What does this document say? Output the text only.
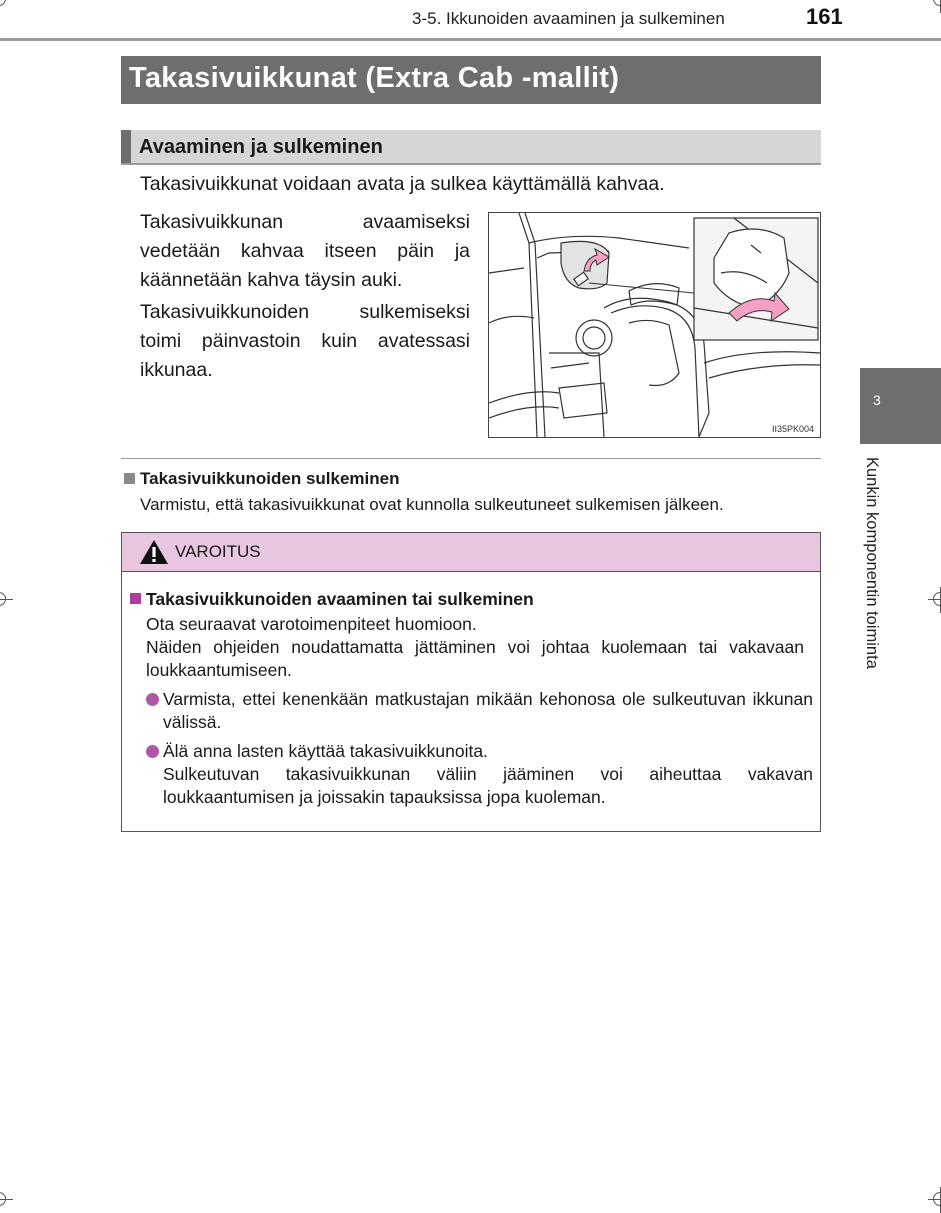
3-5. Ikkunoiden avaaminen ja sulkeminen	161
Takasivuikkunat (Extra Cab -mallit)
Avaaminen ja sulkeminen
Takasivuikkunat voidaan avata ja sulkea käyttämällä kahvaa.
Takasivuikkunan avaamiseksi vedetään kahvaa itseen päin ja käännetään kahva täysin auki.
Takasivuikkunoiden sulkemiseksi toimi päinvastoin kuin avatessasi ikkunaa.
II35PK004
Takasivuikkunoiden sulkeminen
Varmistu, että takasivuikkunat ovat kunnolla sulkeutuneet sulkemisen jälkeen.
VAROITUS
Takasivuikkunoiden avaaminen tai sulkeminen
Ota seuraavat varotoimenpiteet huomioon.
Näiden ohjeiden noudattamatta jättäminen voi johtaa kuolemaan tai vakavaan loukkaantumiseen.
Varmista, ettei kenenkään matkustajan mikään kehonosa ole sulkeutuvan ikkunan välissä.
Älä anna lasten käyttää takasivuikkunoita.
Sulkeutuvan takasivuikkunan väliin jääminen voi aiheuttaa vakavan loukkaantumisen ja joissakin tapauksissa jopa kuoleman.
3
Kunkin komponentin toiminta
